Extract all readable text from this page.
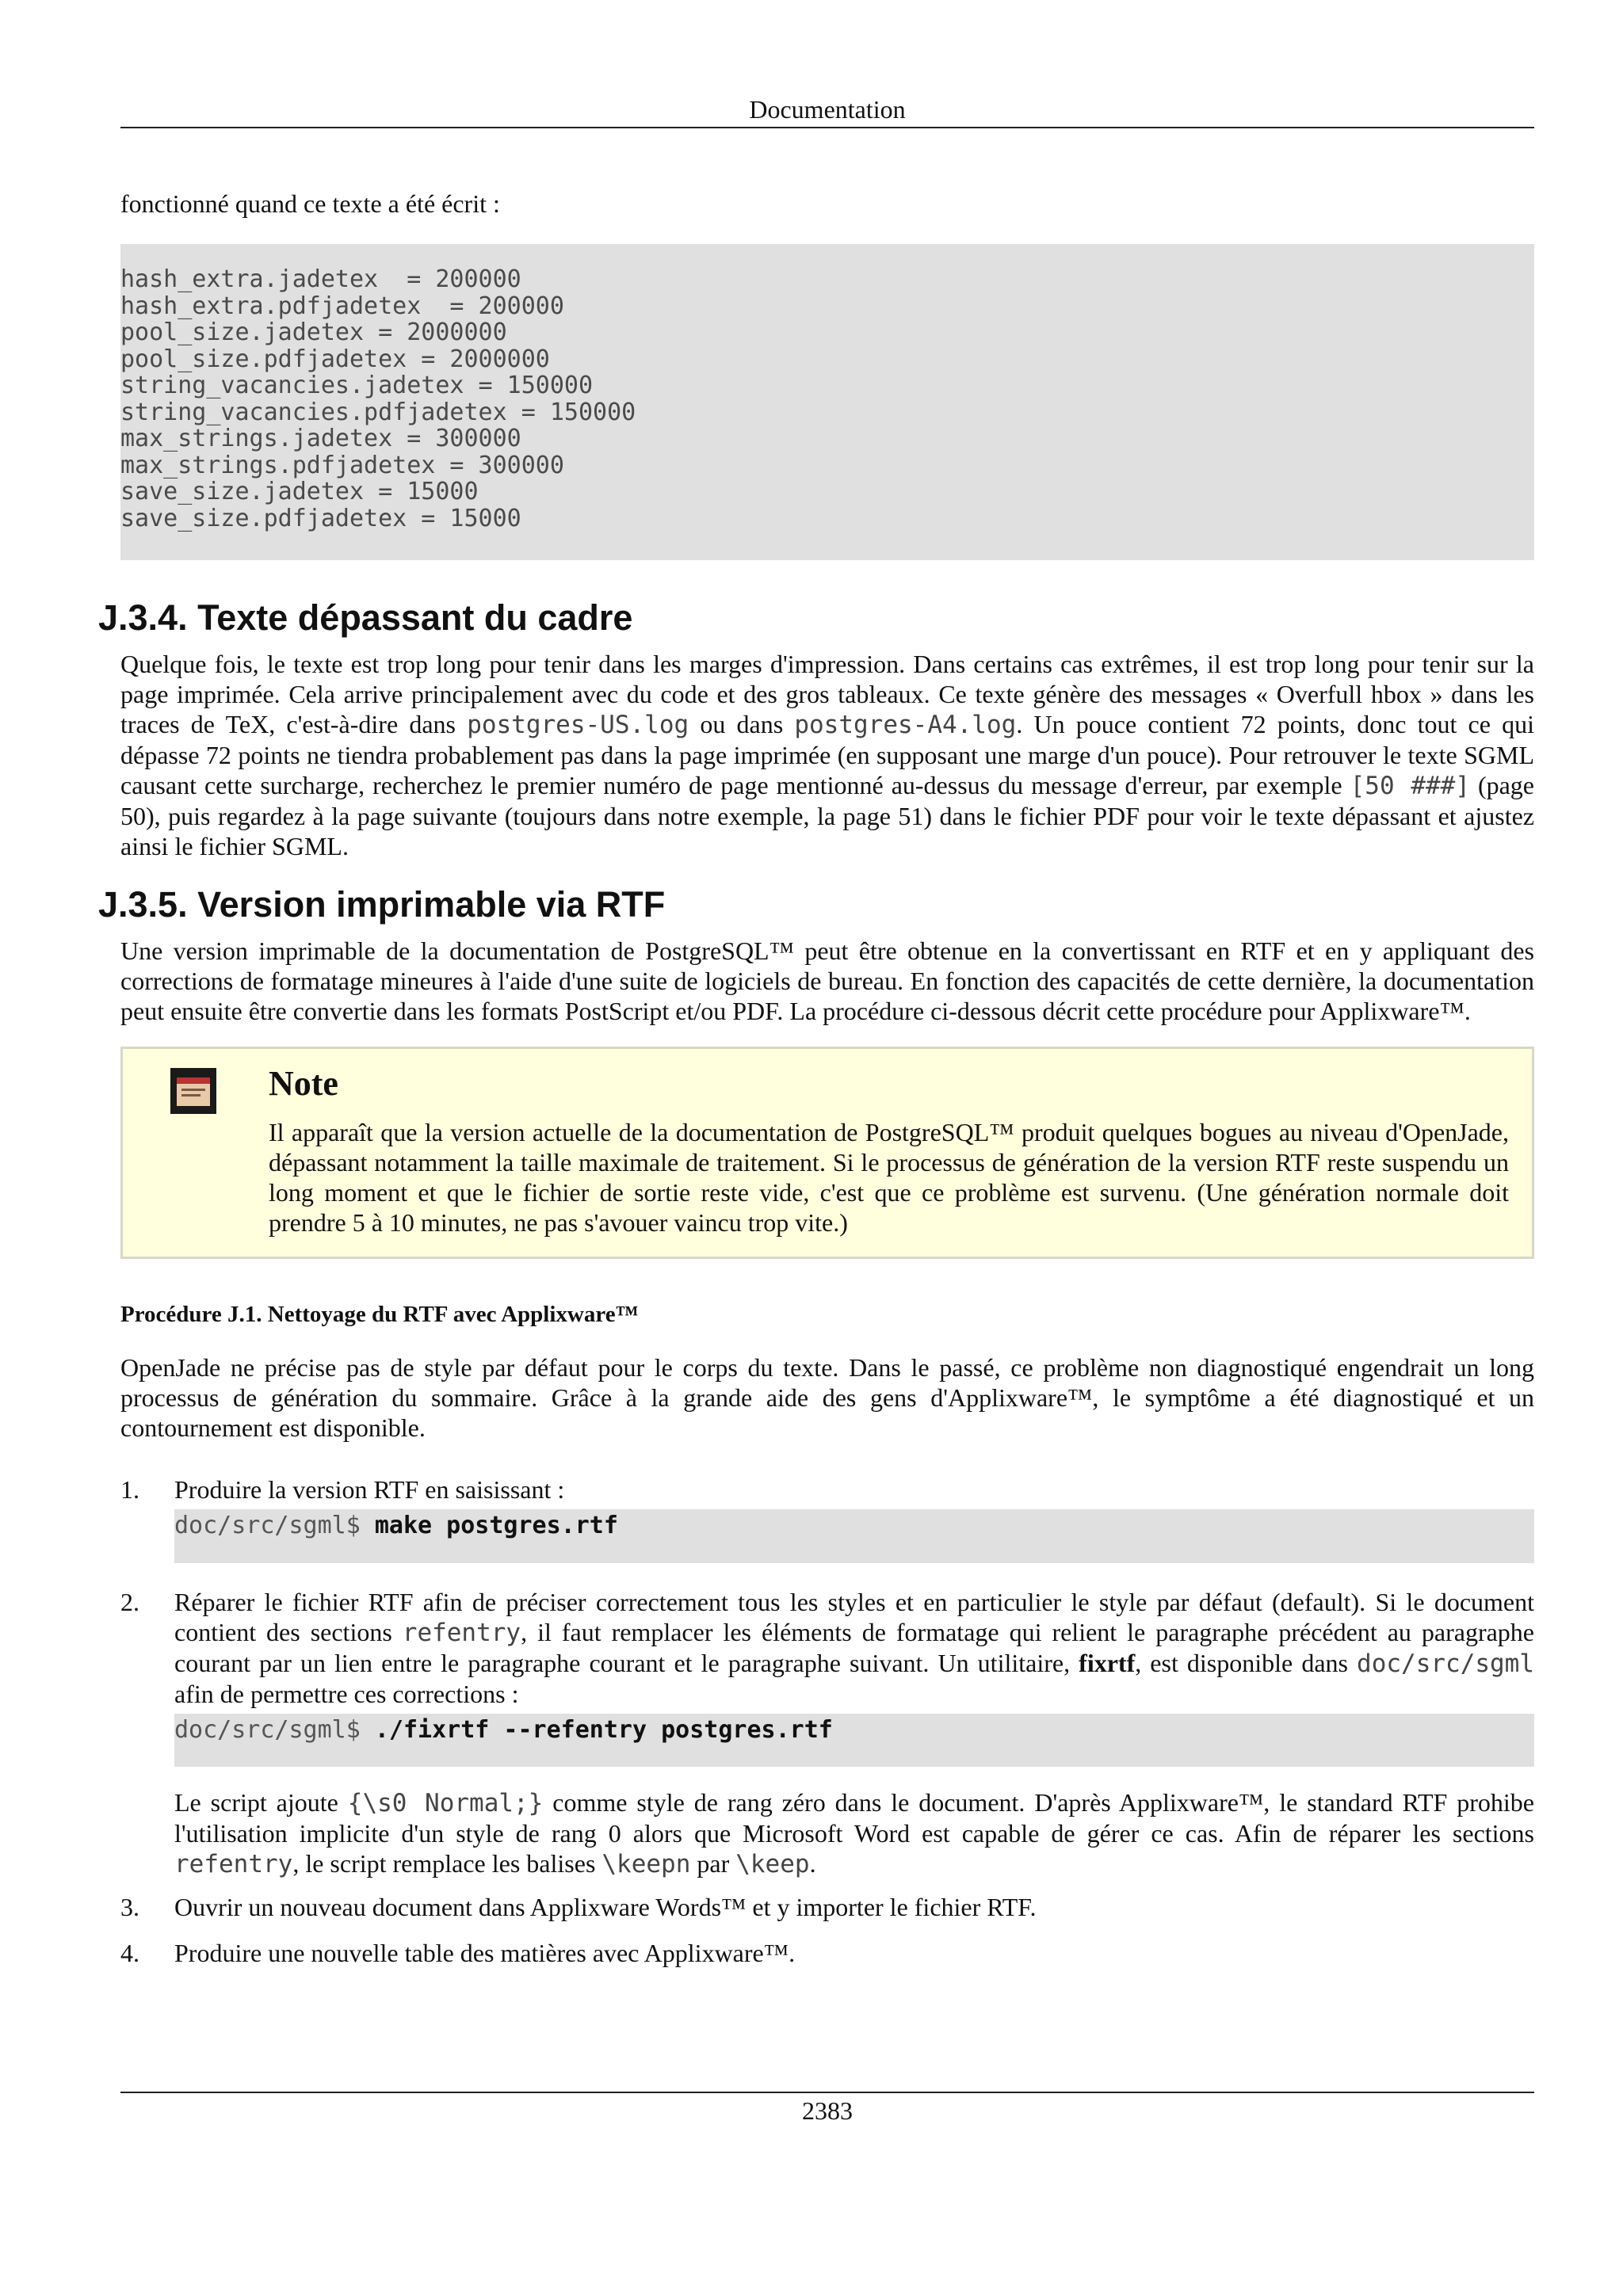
Documentation

fonctionné quand ce texte a été écrit :

hash_extra.jadetex  = 200000
hash_extra.pdfjadetex  = 200000
pool_size.jadetex = 2000000
pool_size.pdfjadetex = 2000000
string_vacancies.jadetex = 150000
string_vacancies.pdfjadetex = 150000
max_strings.jadetex = 300000
max_strings.pdfjadetex = 300000
save_size.jadetex = 15000
save_size.pdfjadetex = 15000
J.3.4. Texte dépassant du cadre

Quelque fois, le texte est trop long pour tenir dans les marges d'impression. Dans certains cas extrêmes, il est trop long pour tenir sur la page imprimée. Cela arrive principalement avec du code et des gros tableaux. Ce texte génère des messages « Overfull hbox » dans les traces de TeX, c'est-à-dire dans postgres-US.log ou dans postgres-A4.log. Un pouce contient 72 points, donc tout ce qui dépasse 72 points ne tiendra probablement pas dans la page imprimée (en supposant une marge d'un pouce). Pour retrouver le texte SGML causant cette surcharge, recherchez le premier numéro de page mentionné au-dessus du message d'erreur, par exemple [50 ###] (page 50), puis regardez à la page suivante (toujours dans notre exemple, la page 51) dans le fichier PDF pour voir le texte dépassant et ajustez ainsi le fichier SGML.

J.3.5. Version imprimable via RTF

Une version imprimable de la documentation de PostgreSQL™ peut être obtenue en la convertissant en RTF et en y appliquant des corrections de formatage mineures à l'aide d'une suite de logiciels de bureau. En fonction des capacités de cette dernière, la documentation peut ensuite être convertie dans les formats PostScript et/ou PDF. La procédure ci-dessous décrit cette procédure pour Applixware™.

Note

Il apparaît que la version actuelle de la documentation de PostgreSQL™ produit quelques bogues au niveau d'OpenJade, dépassant notamment la taille maximale de traitement. Si le processus de génération de la version RTF reste suspendu un long moment et que le fichier de sortie reste vide, c'est que ce problème est survenu. (Une génération normale doit prendre 5 à 10 minutes, ne pas s'avouer vaincu trop vite.)

Procédure J.1. Nettoyage du RTF avec Applixware™

OpenJade ne précise pas de style par défaut pour le corps du texte. Dans le passé, ce problème non diagnostiqué engendrait un long processus de génération du sommaire. Grâce à la grande aide des gens d'Applixware™, le symptôme a été diagnostiqué et un contournement est disponible.

1. Produire la version RTF en saisissant :

doc/src/sgml$ make postgres.rtf
2. Réparer le fichier RTF afin de préciser correctement tous les styles et en particulier le style par défaut (default). Si le document contient des sections refentry, il faut remplacer les éléments de formatage qui relient le paragraphe précédent au paragraphe courant par un lien entre le paragraphe courant et le paragraphe suivant. Un utilitaire, fixrtf, est disponible dans doc/src/sgml afin de permettre ces corrections :

doc/src/sgml$ ./fixrtf --refentry postgres.rtf

Le script ajoute {\s0 Normal;} comme style de rang zéro dans le document. D'après Applixware™, le standard RTF prohibe l'utilisation implicite d'un style de rang 0 alors que Microsoft Word est capable de gérer ce cas. Afin de réparer les sections refentry, le script remplace les balises \keepn par \keep.

3. Ouvrir un nouveau document dans Applixware Words™ et y importer le fichier RTF.

4. Produire une nouvelle table des matières avec Applixware™.

2383
